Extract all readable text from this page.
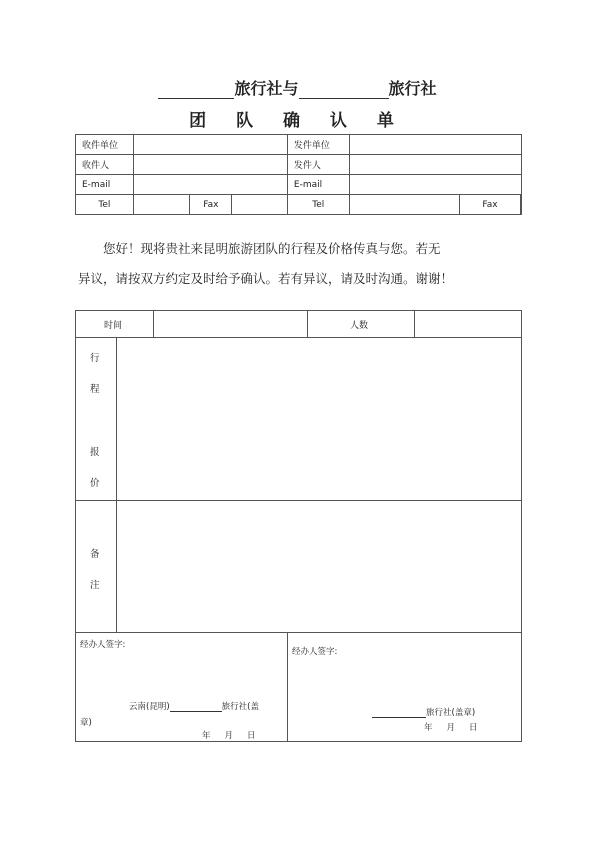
旅行社与	旅行社
团 队 确 认 单
收件单位				发件单位		
收件人				发件人		
E-mail				E-mail		
Tel		Fax		Tel		Fax
您好！现将贵社来昆明旅游团队的行程及价格传真与您。若无
异议，请按双方约定及时给予确认。若有异议，请及时沟通。谢谢！
时间	人数
行
程
报
价
备
注
经办人签字:
云南(昆明)	旅行社(盖
章)
年 月 日
经办人签字:
旅行社(盖章)
年 月 日
